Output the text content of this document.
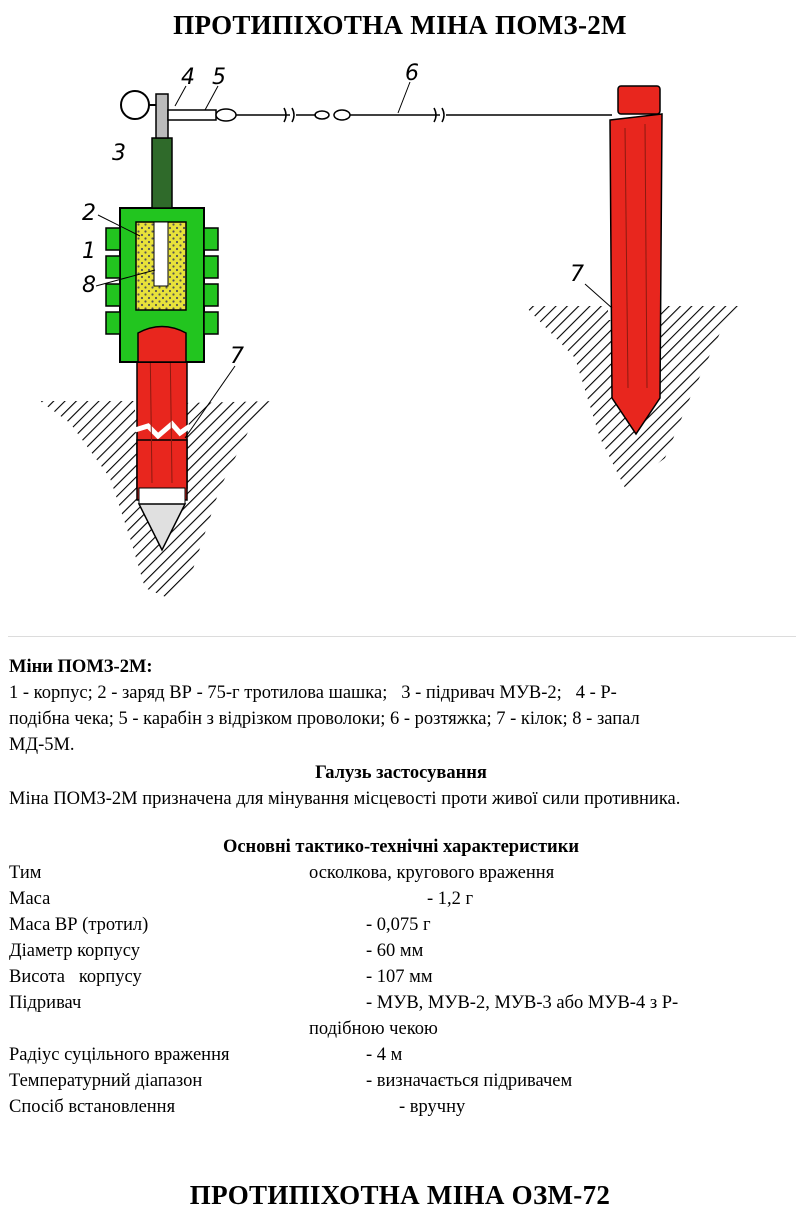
ПРОТИПІХОТНА МІНА ПОМЗ-2М
4 5	6
3
2
1
8
7
7
Міни ПОМЗ-2М:
1 - корпус; 2 - заряд ВР - 75-г тротилова шашка;   3 - підривач МУВ-2;   4 - Р-
подібна чека; 5 - карабін з відрізком проволоки; 6 - розтяжка; 7 - кілок; 8 - запал
МД-5М.
Галузь застосування
Міна ПОМЗ-2М призначена для мінування місцевості проти живої сили противника.
Основні тактико-технічні характеристики
Тим	осколкова, кругового враження
Маса	- 1,2 г
Маса ВР (тротил)	- 0,075 г
Діаметр корпусу	- 60 мм
Висота   корпусу	- 107 мм
Підривач	- МУВ, МУВ-2, МУВ-3 або МУВ-4 з Р-
подібною чекою
Радіус суцільного враження	- 4 м
Температурний діапазон	- визначається підривачем
Спосіб встановлення	- вручну
ПРОТИПІХОТНА МІНА ОЗМ-72
